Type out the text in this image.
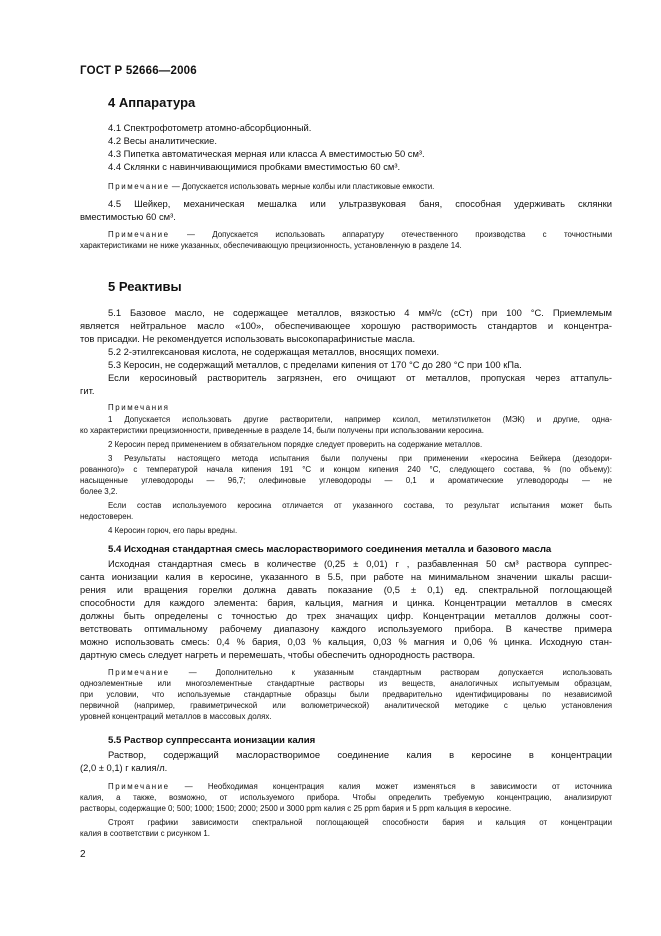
ГОСТ Р 52666—2006
4 Аппаратура
4.1 Спектрофотометр атомно-абсорбционный.
4.2 Весы аналитические.
4.3 Пипетка автоматическая мерная или класса А вместимостью 50 см³.
4.4 Склянки с навинчивающимися пробками вместимостью 60 см³.
Примечание — Допускается использовать мерные колбы или пластиковые емкости.
4.5 Шейкер, механическая мешалка или ультразвуковая баня, способная удерживать склянки
вместимостью 60 см³.
Примечание — Допускается использовать аппаратуру отечественного производства с точностными
характеристиками не ниже указанных, обеспечивающую прецизионность, установленную в разделе 14.
5 Реактивы
5.1 Базовое масло, не содержащее металлов, вязкостью 4 мм²/с (сСт) при 100 °С. Приемлемым
является нейтральное масло «100», обеспечивающее хорошую растворимость стандартов и концентра-
тов присадки. Не рекомендуется использовать высокопарафинистые масла.
5.2 2-этилгексановая кислота, не содержащая металлов, вносящих помехи.
5.3 Керосин, не содержащий металлов, с пределами кипения от 170 °С до 280 °С при 100 кПа.
Если керосиновый растворитель загрязнен, его очищают от металлов, пропуская через аттапуль-
гит.
Примечания
1 Допускается использовать другие растворители, например ксилол, метилэтилкетон (МЭК) и другие, одна-
ко характеристики прецизионности, приведенные в разделе 14, были получены при использовании керосина.
2 Керосин перед применением в обязательном порядке следует проверить на содержание металлов.
3 Результаты настоящего метода испытания были получены при применении «керосина Бейкера (дезодори-
рованного)» с температурой начала кипения 191 °С и концом кипения 240 °С, следующего состава, % (по объему):
насыщенные углеводороды — 96,7; олефиновые углеводороды — 0,1 и ароматические углеводороды — не
более 3,2.
Если состав используемого керосина отличается от указанного состава, то результат испытания может быть
недостоверен.
4 Керосин горюч, его пары вредны.
5.4 Исходная стандартная смесь маслорастворимого соединения металла и базового масла
Исходная стандартная смесь в количестве (0,25 ± 0,01) г , разбавленная 50 см³ раствора суппрес-
санта ионизации калия в керосине, указанного в 5.5, при работе на минимальном значении шкалы расши-
рения или вращения горелки должна давать показание (0,5 ± 0,1) ед. спектральной поглощающей
способности для каждого элемента: бария, кальция, магния и цинка. Концентрации металлов в смесях
должны быть определены с точностью до трех значащих цифр. Концентрации металлов должны соот-
ветствовать оптимальному рабочему диапазону каждого используемого прибора. В качестве примера
можно использовать смесь: 0,4 % бария, 0,03 % кальция, 0,03 % магния и 0,06 % цинка. Исходную стан-
дартную смесь следует нагреть и перемешать, чтобы обеспечить однородность раствора.
Примечание — Дополнительно к указанным стандартным растворам допускается использовать
одноэлементные или многоэлементные стандартные растворы из веществ, аналогичных испытуемым образцам,
при условии, что используемые стандартные образцы были предварительно идентифицированы по независимой
первичной (например, гравиметрической или волюметрической) аналитической методике с целью установления
уровней концентраций металлов в массовых долях.
5.5 Раствор суппрессанта ионизации калия
Раствор, содержащий маслорастворимое соединение калия в керосине в концентрации
(2,0 ± 0,1) г калия/л.
Примечание — Необходимая концентрация калия может изменяться в зависимости от источника
калия, а также, возможно, от используемого прибора. Чтобы определить требуемую концентрацию, анализируют
растворы, содержащие 0; 500; 1000; 1500; 2000; 2500 и 3000 ppm калия с 25 ppm бария и 5 ppm кальция в керосине.
Строят графики зависимости спектральной поглощающей способности бария и кальция от концентрации
калия в соответствии с рисунком 1.
2
